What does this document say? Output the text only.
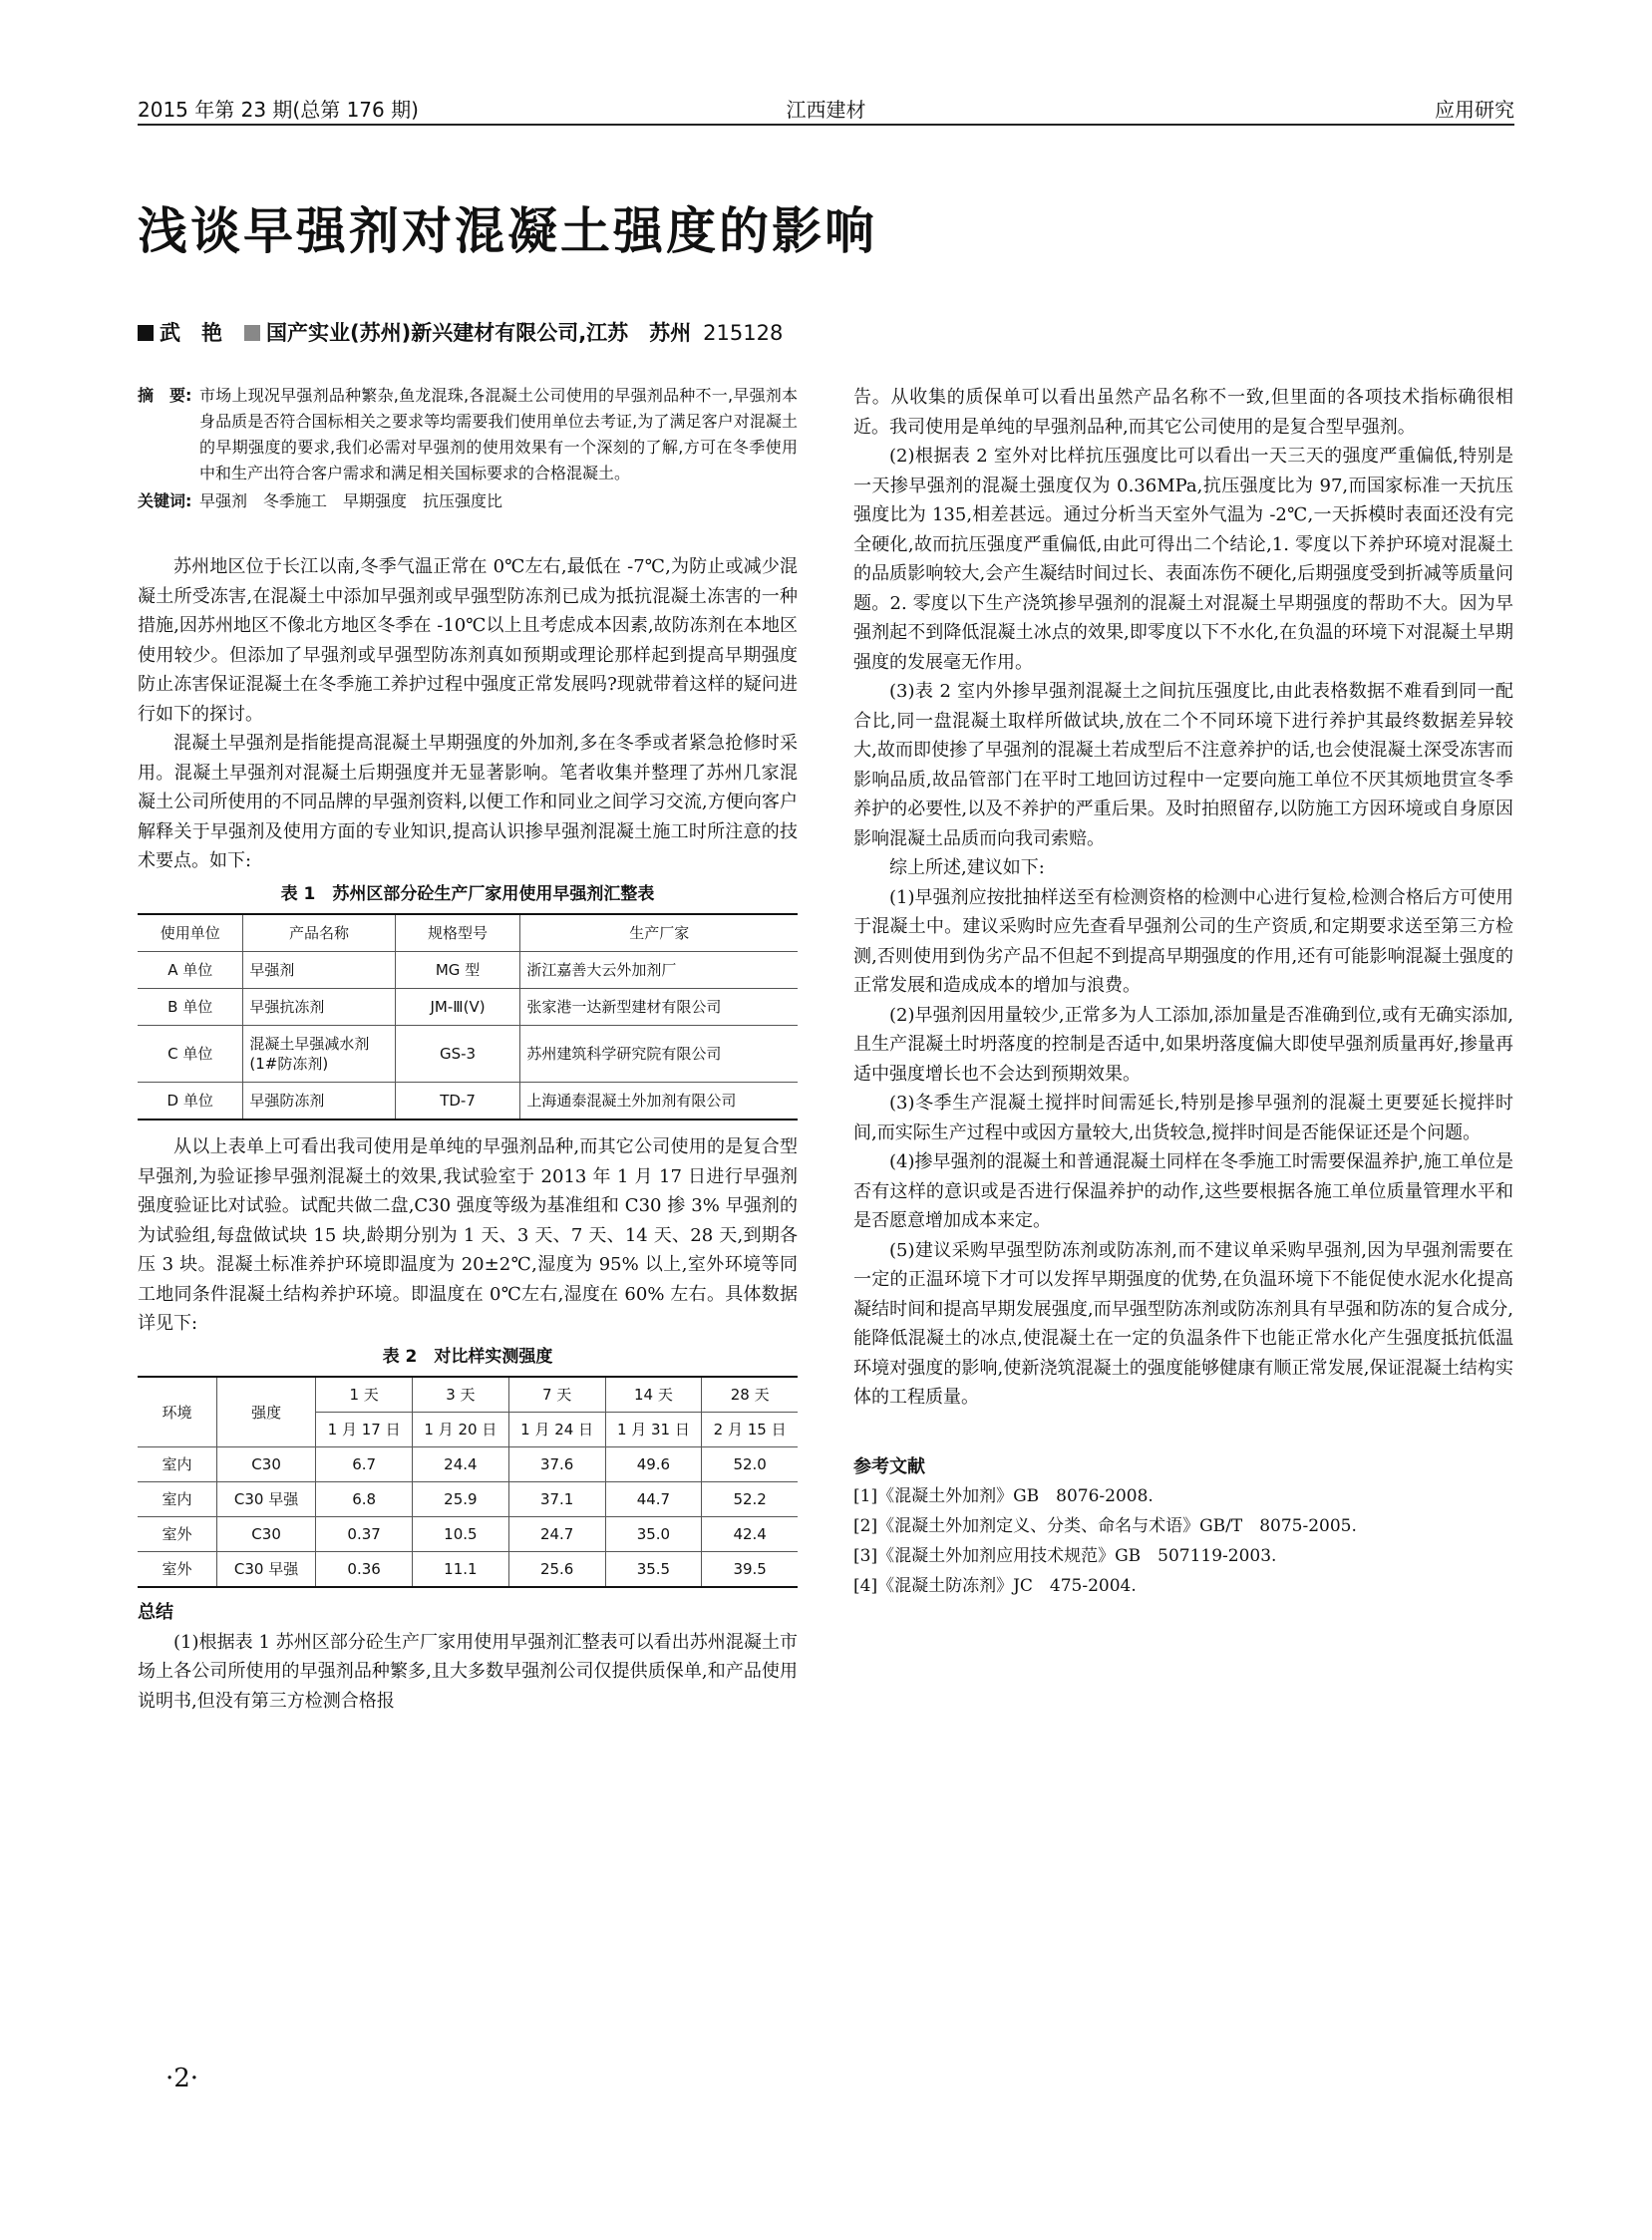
2015 年第 23 期(总第 176 期)	江西建材	应用研究
浅谈早强剂对混凝土强度的影响
武　艳 国产实业(苏州)新兴建材有限公司,江苏　苏州 215128
摘　要: 市场上现况早强剂品种繁杂,鱼龙混珠,各混凝土公司使用的早强剂品种不一,早强剂本身品质是否符合国标相关之要求等均需要我们使用单位去考证,为了满足客户对混凝土的早期强度的要求,我们必需对早强剂的使用效果有一个深刻的了解,方可在冬季使用中和生产出符合客户需求和满足相关国标要求的合格混凝土。
关键词: 早强剂　冬季施工　早期强度　抗压强度比

苏州地区位于长江以南,冬季气温正常在 0℃左右,最低在 -7℃,为防止或减少混凝土所受冻害,在混凝土中添加早强剂或早强型防冻剂已成为抵抗混凝土冻害的一种措施,因苏州地区不像北方地区冬季在 -10℃以上且考虑成本因素,故防冻剂在本地区使用较少。但添加了早强剂或早强型防冻剂真如预期或理论那样起到提高早期强度防止冻害保证混凝土在冬季施工养护过程中强度正常发展吗?现就带着这样的疑问进行如下的探讨。

混凝土早强剂是指能提高混凝土早期强度的外加剂,多在冬季或者紧急抢修时采用。混凝土早强剂对混凝土后期强度并无显著影响。笔者收集并整理了苏州几家混凝土公司所使用的不同品牌的早强剂资料,以便工作和同业之间学习交流,方便向客户解释关于早强剂及使用方面的专业知识,提高认识掺早强剂混凝土施工时所注意的技术要点。如下:

表 1　苏州区部分砼生产厂家用使用早强剂汇整表
使用单位	产品名称	规格型号	生产厂家
A 单位	早强剂	MG 型	浙江嘉善大云外加剂厂
B 单位	早强抗冻剂	JM-Ⅲ(V)	张家港一达新型建材有限公司
C 单位	混凝土早强减水剂(1#防冻剂)	GS-3	苏州建筑科学研究院有限公司
D 单位	早强防冻剂	TD-7	上海通泰混凝土外加剂有限公司

从以上表单上可看出我司使用是单纯的早强剂品种,而其它公司使用的是复合型早强剂,为验证掺早强剂混凝土的效果,我试验室于 2013 年 1 月 17 日进行早强剂强度验证比对试验。试配共做二盘,C30 强度等级为基准组和 C30 掺 3% 早强剂的为试验组,每盘做试块 15 块,龄期分别为 1 天、3 天、7 天、14 天、28 天,到期各压 3 块。混凝土标准养护环境即温度为 20±2℃,湿度为 95% 以上,室外环境等同工地同条件混凝土结构养护环境。即温度在 0℃左右,湿度在 60% 左右。具体数据详见下:

表 2　对比样实测强度
环境	强度	1 天	3 天	7 天	14 天	28 天
		1 月 17 日	1 月 20 日	1 月 24 日	1 月 31 日	2 月 15 日
室内	C30	6.7	24.4	37.6	49.6	52.0
室内	C30 早强	6.8	25.9	37.1	44.7	52.2
室外	C30	0.37	10.5	24.7	35.0	42.4
室外	C30 早强	0.36	11.1	25.6	35.5	39.5
总结

(1)根据表 1 苏州区部分砼生产厂家用使用早强剂汇整表可以看出苏州混凝土市场上各公司所使用的早强剂品种繁多,且大多数早强剂公司仅提供质保单,和产品使用说明书,但没有第三方检测合格报

告。从收集的质保单可以看出虽然产品名称不一致,但里面的各项技术指标确很相近。我司使用是单纯的早强剂品种,而其它公司使用的是复合型早强剂。

(2)根据表 2 室外对比样抗压强度比可以看出一天三天的强度严重偏低,特别是一天掺早强剂的混凝土强度仅为 0.36MPa,抗压强度比为 97,而国家标准一天抗压强度比为 135,相差甚远。通过分析当天室外气温为 -2℃,一天拆模时表面还没有完全硬化,故而抗压强度严重偏低,由此可得出二个结论,1. 零度以下养护环境对混凝土的品质影响较大,会产生凝结时间过长、表面冻伤不硬化,后期强度受到折减等质量问题。2. 零度以下生产浇筑掺早强剂的混凝土对混凝土早期强度的帮助不大。因为早强剂起不到降低混凝土冰点的效果,即零度以下不水化,在负温的环境下对混凝土早期强度的发展毫无作用。

(3)表 2 室内外掺早强剂混凝土之间抗压强度比,由此表格数据不难看到同一配合比,同一盘混凝土取样所做试块,放在二个不同环境下进行养护其最终数据差异较大,故而即使掺了早强剂的混凝土若成型后不注意养护的话,也会使混凝土深受冻害而影响品质,故品管部门在平时工地回访过程中一定要向施工单位不厌其烦地贯宣冬季养护的必要性,以及不养护的严重后果。及时拍照留存,以防施工方因环境或自身原因影响混凝土品质而向我司索赔。

综上所述,建议如下:

(1)早强剂应按批抽样送至有检测资格的检测中心进行复检,检测合格后方可使用于混凝土中。建议采购时应先查看早强剂公司的生产资质,和定期要求送至第三方检测,否则使用到伪劣产品不但起不到提高早期强度的作用,还有可能影响混凝土强度的正常发展和造成成本的增加与浪费。

(2)早强剂因用量较少,正常多为人工添加,添加量是否准确到位,或有无确实添加,且生产混凝土时坍落度的控制是否适中,如果坍落度偏大即使早强剂质量再好,掺量再适中强度增长也不会达到预期效果。

(3)冬季生产混凝土搅拌时间需延长,特别是掺早强剂的混凝土更要延长搅拌时间,而实际生产过程中或因方量较大,出货较急,搅拌时间是否能保证还是个问题。

(4)掺早强剂的混凝土和普通混凝土同样在冬季施工时需要保温养护,施工单位是否有这样的意识或是否进行保温养护的动作,这些要根据各施工单位质量管理水平和是否愿意增加成本来定。

(5)建议采购早强型防冻剂或防冻剂,而不建议单采购早强剂,因为早强剂需要在一定的正温环境下才可以发挥早期强度的优势,在负温环境下不能促使水泥水化提高凝结时间和提高早期发展强度,而早强型防冻剂或防冻剂具有早强和防冻的复合成分,能降低混凝土的冰点,使混凝土在一定的负温条件下也能正常水化产生强度抵抗低温环境对强度的影响,使新浇筑混凝土的强度能够健康有顺正常发展,保证混凝土结构实体的工程质量。

参考文献
[1]《混凝土外加剂》GB　8076-2008.
[2]《混凝土外加剂定义、分类、命名与术语》GB/T　8075-2005.
[3]《混凝土外加剂应用技术规范》GB　507119-2003.
[4]《混凝土防冻剂》JC　475-2004.
·2·
